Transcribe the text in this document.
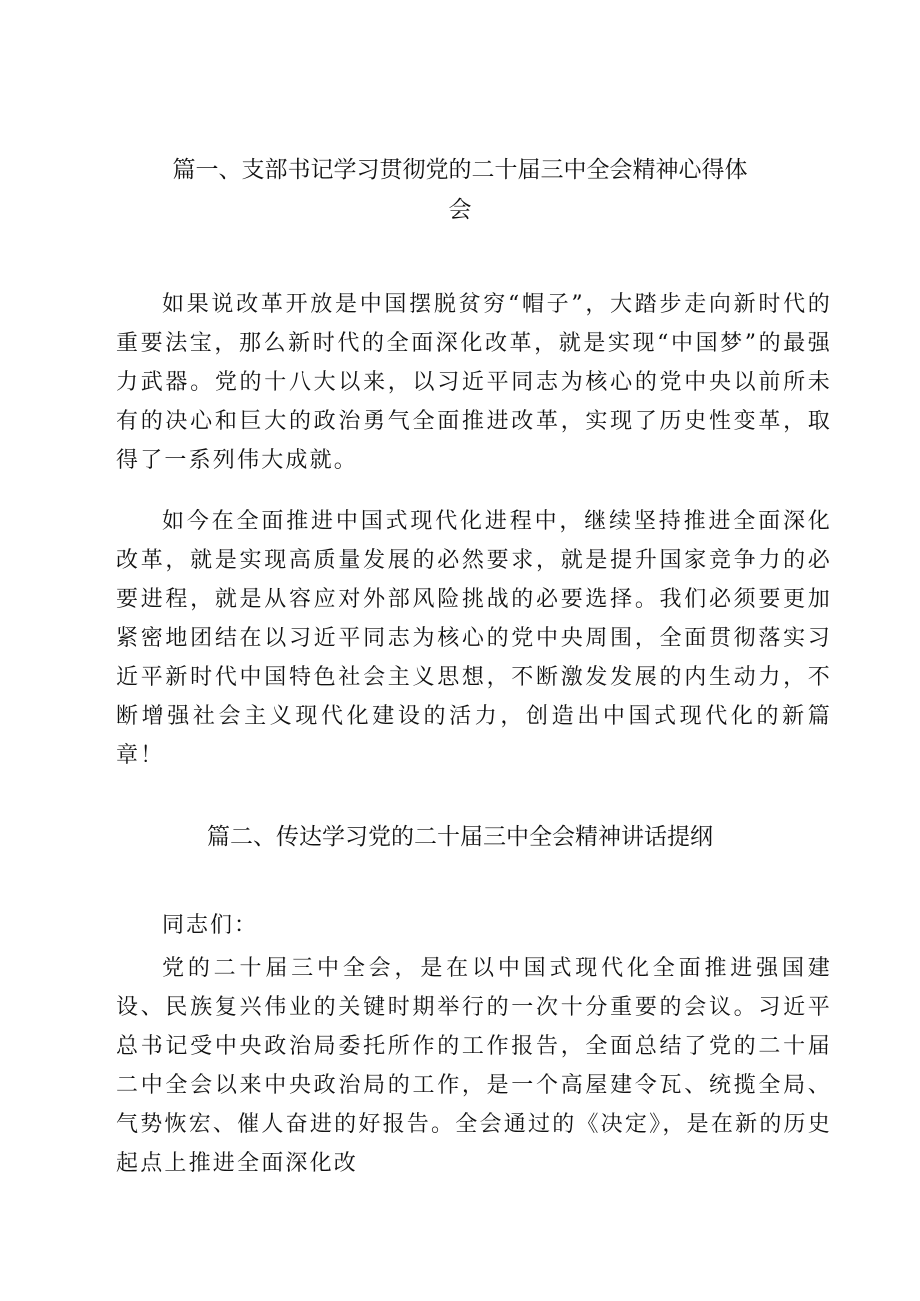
篇一、支部书记学习贯彻党的二十届三中全会精神心得体
会

如果说改革开放是中国摆脱贫穷“帽子”，大踏步走向新时代的重要法宝，那么新时代的全面深化改革，就是实现“中国梦”的最强力武器。党的十八大以来，以习近平同志为核心的党中央以前所未有的决心和巨大的政治勇气全面推进改革，实现了历史性变革，取得了一系列伟大成就。

如今在全面推进中国式现代化进程中，继续坚持推进全面深化改革，就是实现高质量发展的必然要求，就是提升国家竞争力的必要进程，就是从容应对外部风险挑战的必要选择。我们必须要更加紧密地团结在以习近平同志为核心的党中央周围，全面贯彻落实习近平新时代中国特色社会主义思想，不断激发发展的内生动力，不断增强社会主义现代化建设的活力，创造出中国式现代化的新篇章！

篇二、传达学习党的二十届三中全会精神讲话提纲

同志们：

党的二十届三中全会，是在以中国式现代化全面推进强国建设、民族复兴伟业的关键时期举行的一次十分重要的会议。习近平总书记受中央政治局委托所作的工作报告，全面总结了党的二十届二中全会以来中央政治局的工作，是一个高屋建令瓦、统揽全局、气势恢宏、催人奋进的好报告。全会通过的《决定》，是在新的历史起点上推进全面深化改
